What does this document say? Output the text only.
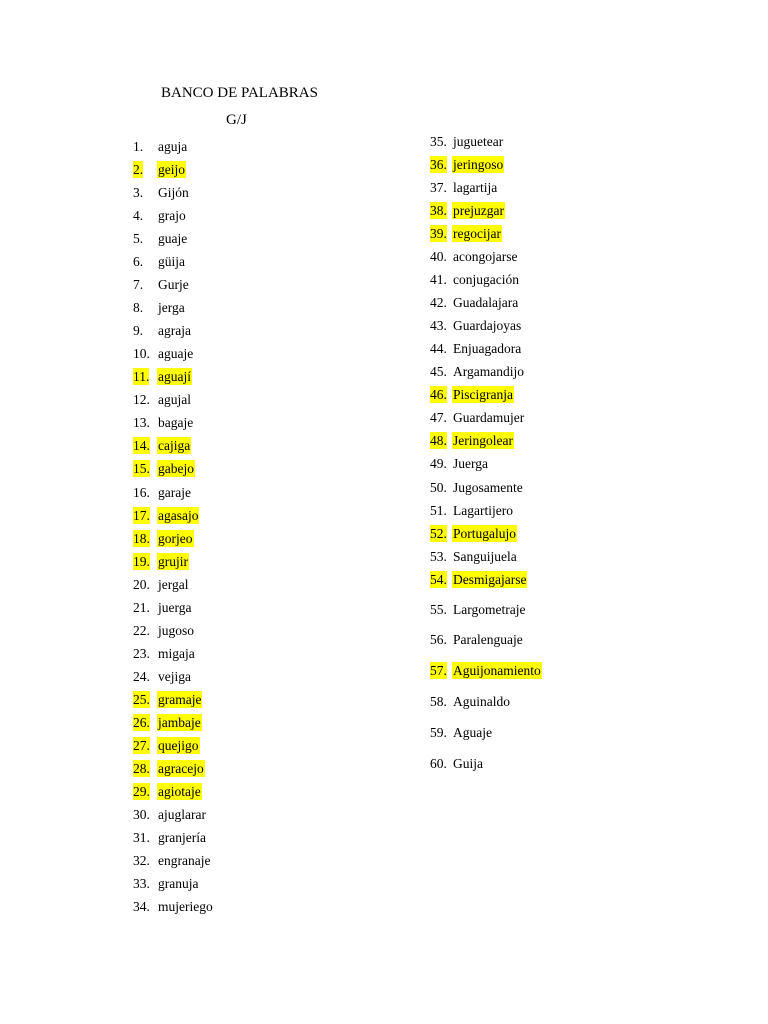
BANCO DE PALABRAS
G/J
1. aguja
2. geijo
3. Gijón
4. grajo
5. guaje
6. güija
7. Gurje
8. jerga
9. agraja
10. aguaje
11. aguají
12. agujal
13. bagaje
14. cajiga
15. gabejo
16. garaje
17. agasajo
18. gorjeo
19. grujir
20. jergal
21. juerga
22. jugoso
23. migaja
24. vejiga
25. gramaje
26. jambaje
27. quejigo
28. agracejo
29. agiotaje
30. ajuglarar
31. granjería
32. engranaje
33. granuja
34. mujeriego
35. juguetear
36. jeringoso
37. lagartija
38. prejuzgar
39. regocijar
40. acongojarse
41. conjugación
42. Guadalajara
43. Guardajoyas
44. Enjuagadora
45. Argamandijo
46. Piscigranja
47. Guardamujer
48. Jeringolear
49. Juerga
50. Jugosamente
51. Lagartijero
52. Portugalujo
53. Sanguijuela
54. Desmigajarse
55. Largometraje
56. Paralenguaje
57. Aguijonamiento
58. Aguinaldo
59. Aguaje
60. Guija
